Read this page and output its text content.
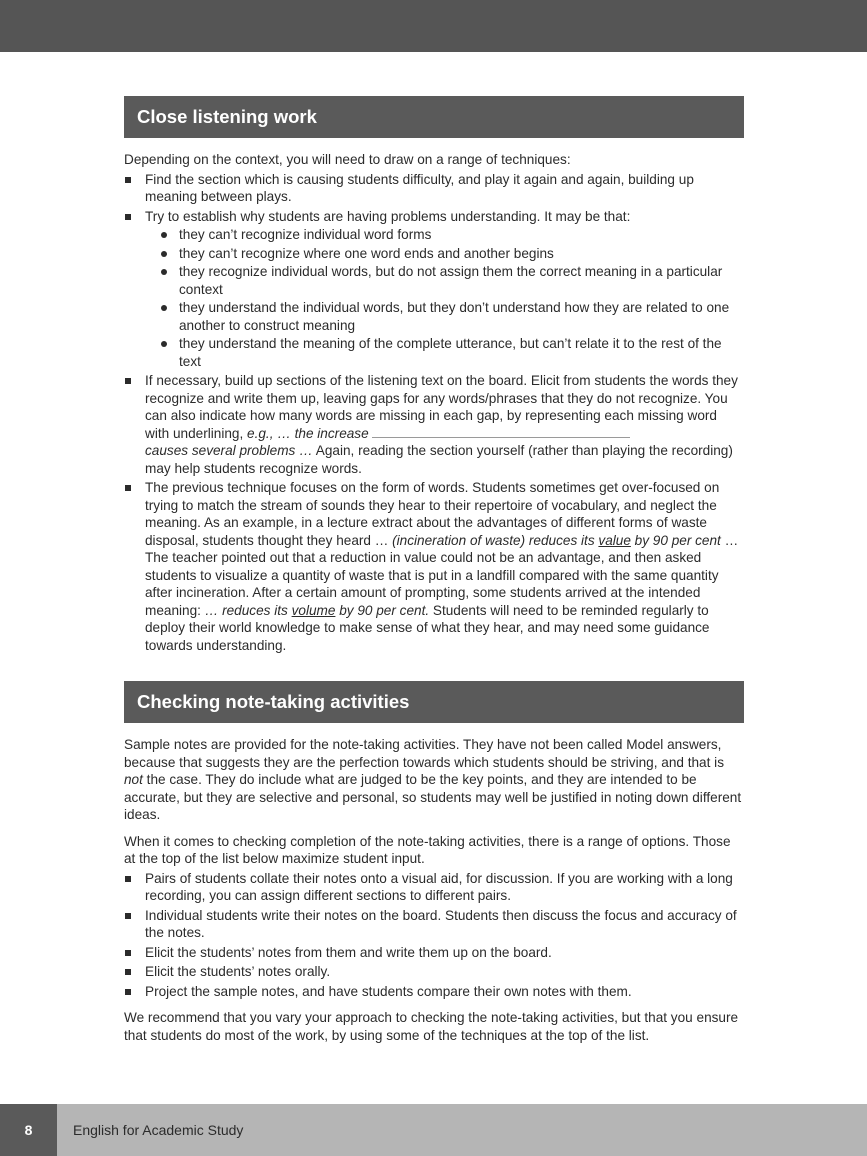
Close listening work

Depending on the context, you will need to draw on a range of techniques:

Find the section which is causing students difficulty, and play it again and again, building up meaning between plays.
Try to establish why students are having problems understanding. It may be that:
they can’t recognize individual word forms
they can’t recognize where one word ends and another begins
they recognize individual words, but do not assign them the correct meaning in a particular context
they understand the individual words, but they don’t understand how they are related to one another to construct meaning
they understand the meaning of the complete utterance, but can’t relate it to the rest of the text
If necessary, build up sections of the listening text on the board. Elicit from students the words they recognize and write them up, leaving gaps for any words/phrases that they do not recognize. You can also indicate how many words are missing in each gap, by representing each missing word with underlining, e.g., … the increase
causes several problems … Again, reading the section yourself (rather than playing the recording) may help students recognize words.
The previous technique focuses on the form of words. Students sometimes get over-focused on trying to match the stream of sounds they hear to their repertoire of vocabulary, and neglect the meaning. As an example, in a lecture extract about the advantages of different forms of waste disposal, students thought they heard … (incineration of waste) reduces its value by 90 per cent … The teacher pointed out that a reduction in value could not be an advantage, and then asked students to visualize a quantity of waste that is put in a landfill compared with the same quantity after incineration. After a certain amount of prompting, some students arrived at the intended meaning: … reduces its volume by 90 per cent. Students will need to be reminded regularly to deploy their world knowledge to make sense of what they hear, and may need some guidance towards understanding.
Checking note-taking activities

Sample notes are provided for the note-taking activities. They have not been called Model answers, because that suggests they are the perfection towards which students should be striving, and that is not the case. They do include what are judged to be the key points, and they are intended to be accurate, but they are selective and personal, so students may well be justified in noting down different ideas.

When it comes to checking completion of the note-taking activities, there is a range of options. Those at the top of the list below maximize student input.

Pairs of students collate their notes onto a visual aid, for discussion. If you are working with a long recording, you can assign different sections to different pairs.
Individual students write their notes on the board. Students then discuss the focus and accuracy of the notes.
Elicit the students’ notes from them and write them up on the board.
Elicit the students’ notes orally.
Project the sample notes, and have students compare their own notes with them.

We recommend that you vary your approach to checking the note-taking activities, but that you ensure that students do most of the work, by using some of the techniques at the top of the list.

8	English for Academic Study
